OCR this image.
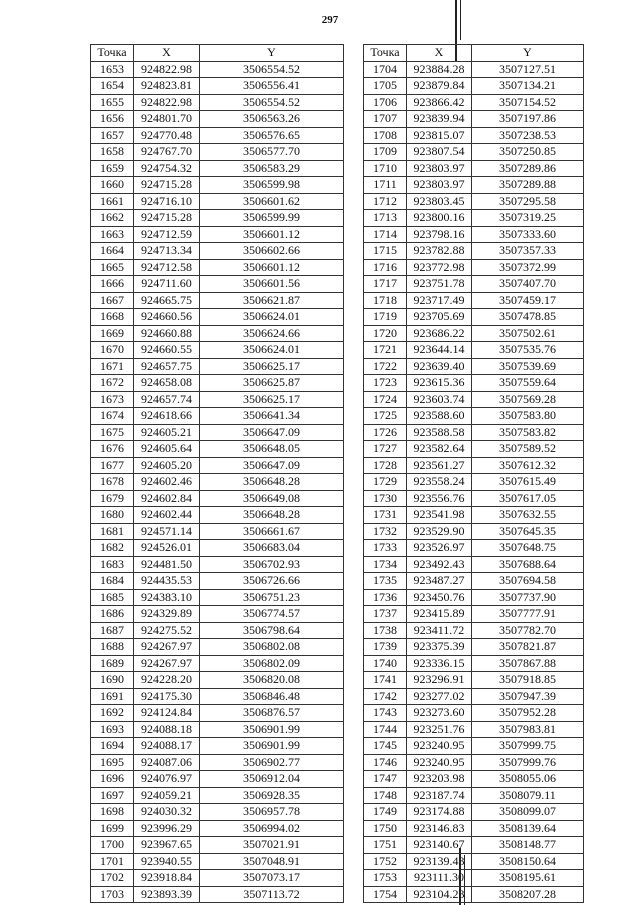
297
Точка	X	Y
1653	924822.98	3506554.52
1654	924823.81	3506556.41
1655	924822.98	3506554.52
1656	924801.70	3506563.26
1657	924770.48	3506576.65
1658	924767.70	3506577.70
1659	924754.32	3506583.29
1660	924715.28	3506599.98
1661	924716.10	3506601.62
1662	924715.28	3506599.99
1663	924712.59	3506601.12
1664	924713.34	3506602.66
1665	924712.58	3506601.12
1666	924711.60	3506601.56
1667	924665.75	3506621.87
1668	924660.56	3506624.01
1669	924660.88	3506624.66
1670	924660.55	3506624.01
1671	924657.75	3506625.17
1672	924658.08	3506625.87
1673	924657.74	3506625.17
1674	924618.66	3506641.34
1675	924605.21	3506647.09
1676	924605.64	3506648.05
1677	924605.20	3506647.09
1678	924602.46	3506648.28
1679	924602.84	3506649.08
1680	924602.44	3506648.28
1681	924571.14	3506661.67
1682	924526.01	3506683.04
1683	924481.50	3506702.93
1684	924435.53	3506726.66
1685	924383.10	3506751.23
1686	924329.89	3506774.57
1687	924275.52	3506798.64
1688	924267.97	3506802.08
1689	924267.97	3506802.09
1690	924228.20	3506820.08
1691	924175.30	3506846.48
1692	924124.84	3506876.57
1693	924088.18	3506901.99
1694	924088.17	3506901.99
1695	924087.06	3506902.77
1696	924076.97	3506912.04
1697	924059.21	3506928.35
1698	924030.32	3506957.78
1699	923996.29	3506994.02
1700	923967.65	3507021.91
1701	923940.55	3507048.91
1702	923918.84	3507073.17
1703	923893.39	3507113.72
Точка	X	Y
1704	923884.28	3507127.51
1705	923879.84	3507134.21
1706	923866.42	3507154.52
1707	923839.94	3507197.86
1708	923815.07	3507238.53
1709	923807.54	3507250.85
1710	923803.97	3507289.86
1711	923803.97	3507289.88
1712	923803.45	3507295.58
1713	923800.16	3507319.25
1714	923798.16	3507333.60
1715	923782.88	3507357.33
1716	923772.98	3507372.99
1717	923751.78	3507407.70
1718	923717.49	3507459.17
1719	923705.69	3507478.85
1720	923686.22	3507502.61
1721	923644.14	3507535.76
1722	923639.40	3507539.69
1723	923615.36	3507559.64
1724	923603.74	3507569.28
1725	923588.60	3507583.80
1726	923588.58	3507583.82
1727	923582.64	3507589.52
1728	923561.27	3507612.32
1729	923558.24	3507615.49
1730	923556.76	3507617.05
1731	923541.98	3507632.55
1732	923529.90	3507645.35
1733	923526.97	3507648.75
1734	923492.43	3507688.64
1735	923487.27	3507694.58
1736	923450.76	3507737.90
1737	923415.89	3507777.91
1738	923411.72	3507782.70
1739	923375.39	3507821.87
1740	923336.15	3507867.88
1741	923296.91	3507918.85
1742	923277.02	3507947.39
1743	923273.60	3507952.28
1744	923251.76	3507983.81
1745	923240.95	3507999.75
1746	923240.95	3507999.76
1747	923203.98	3508055.06
1748	923187.74	3508079.11
1749	923174.88	3508099.07
1750	923146.83	3508139.64
1751	923140.67	3508148.77
1752	923139.43	3508150.64
1753	923111.30	3508195.61
1754	923104.23	3508207.28
